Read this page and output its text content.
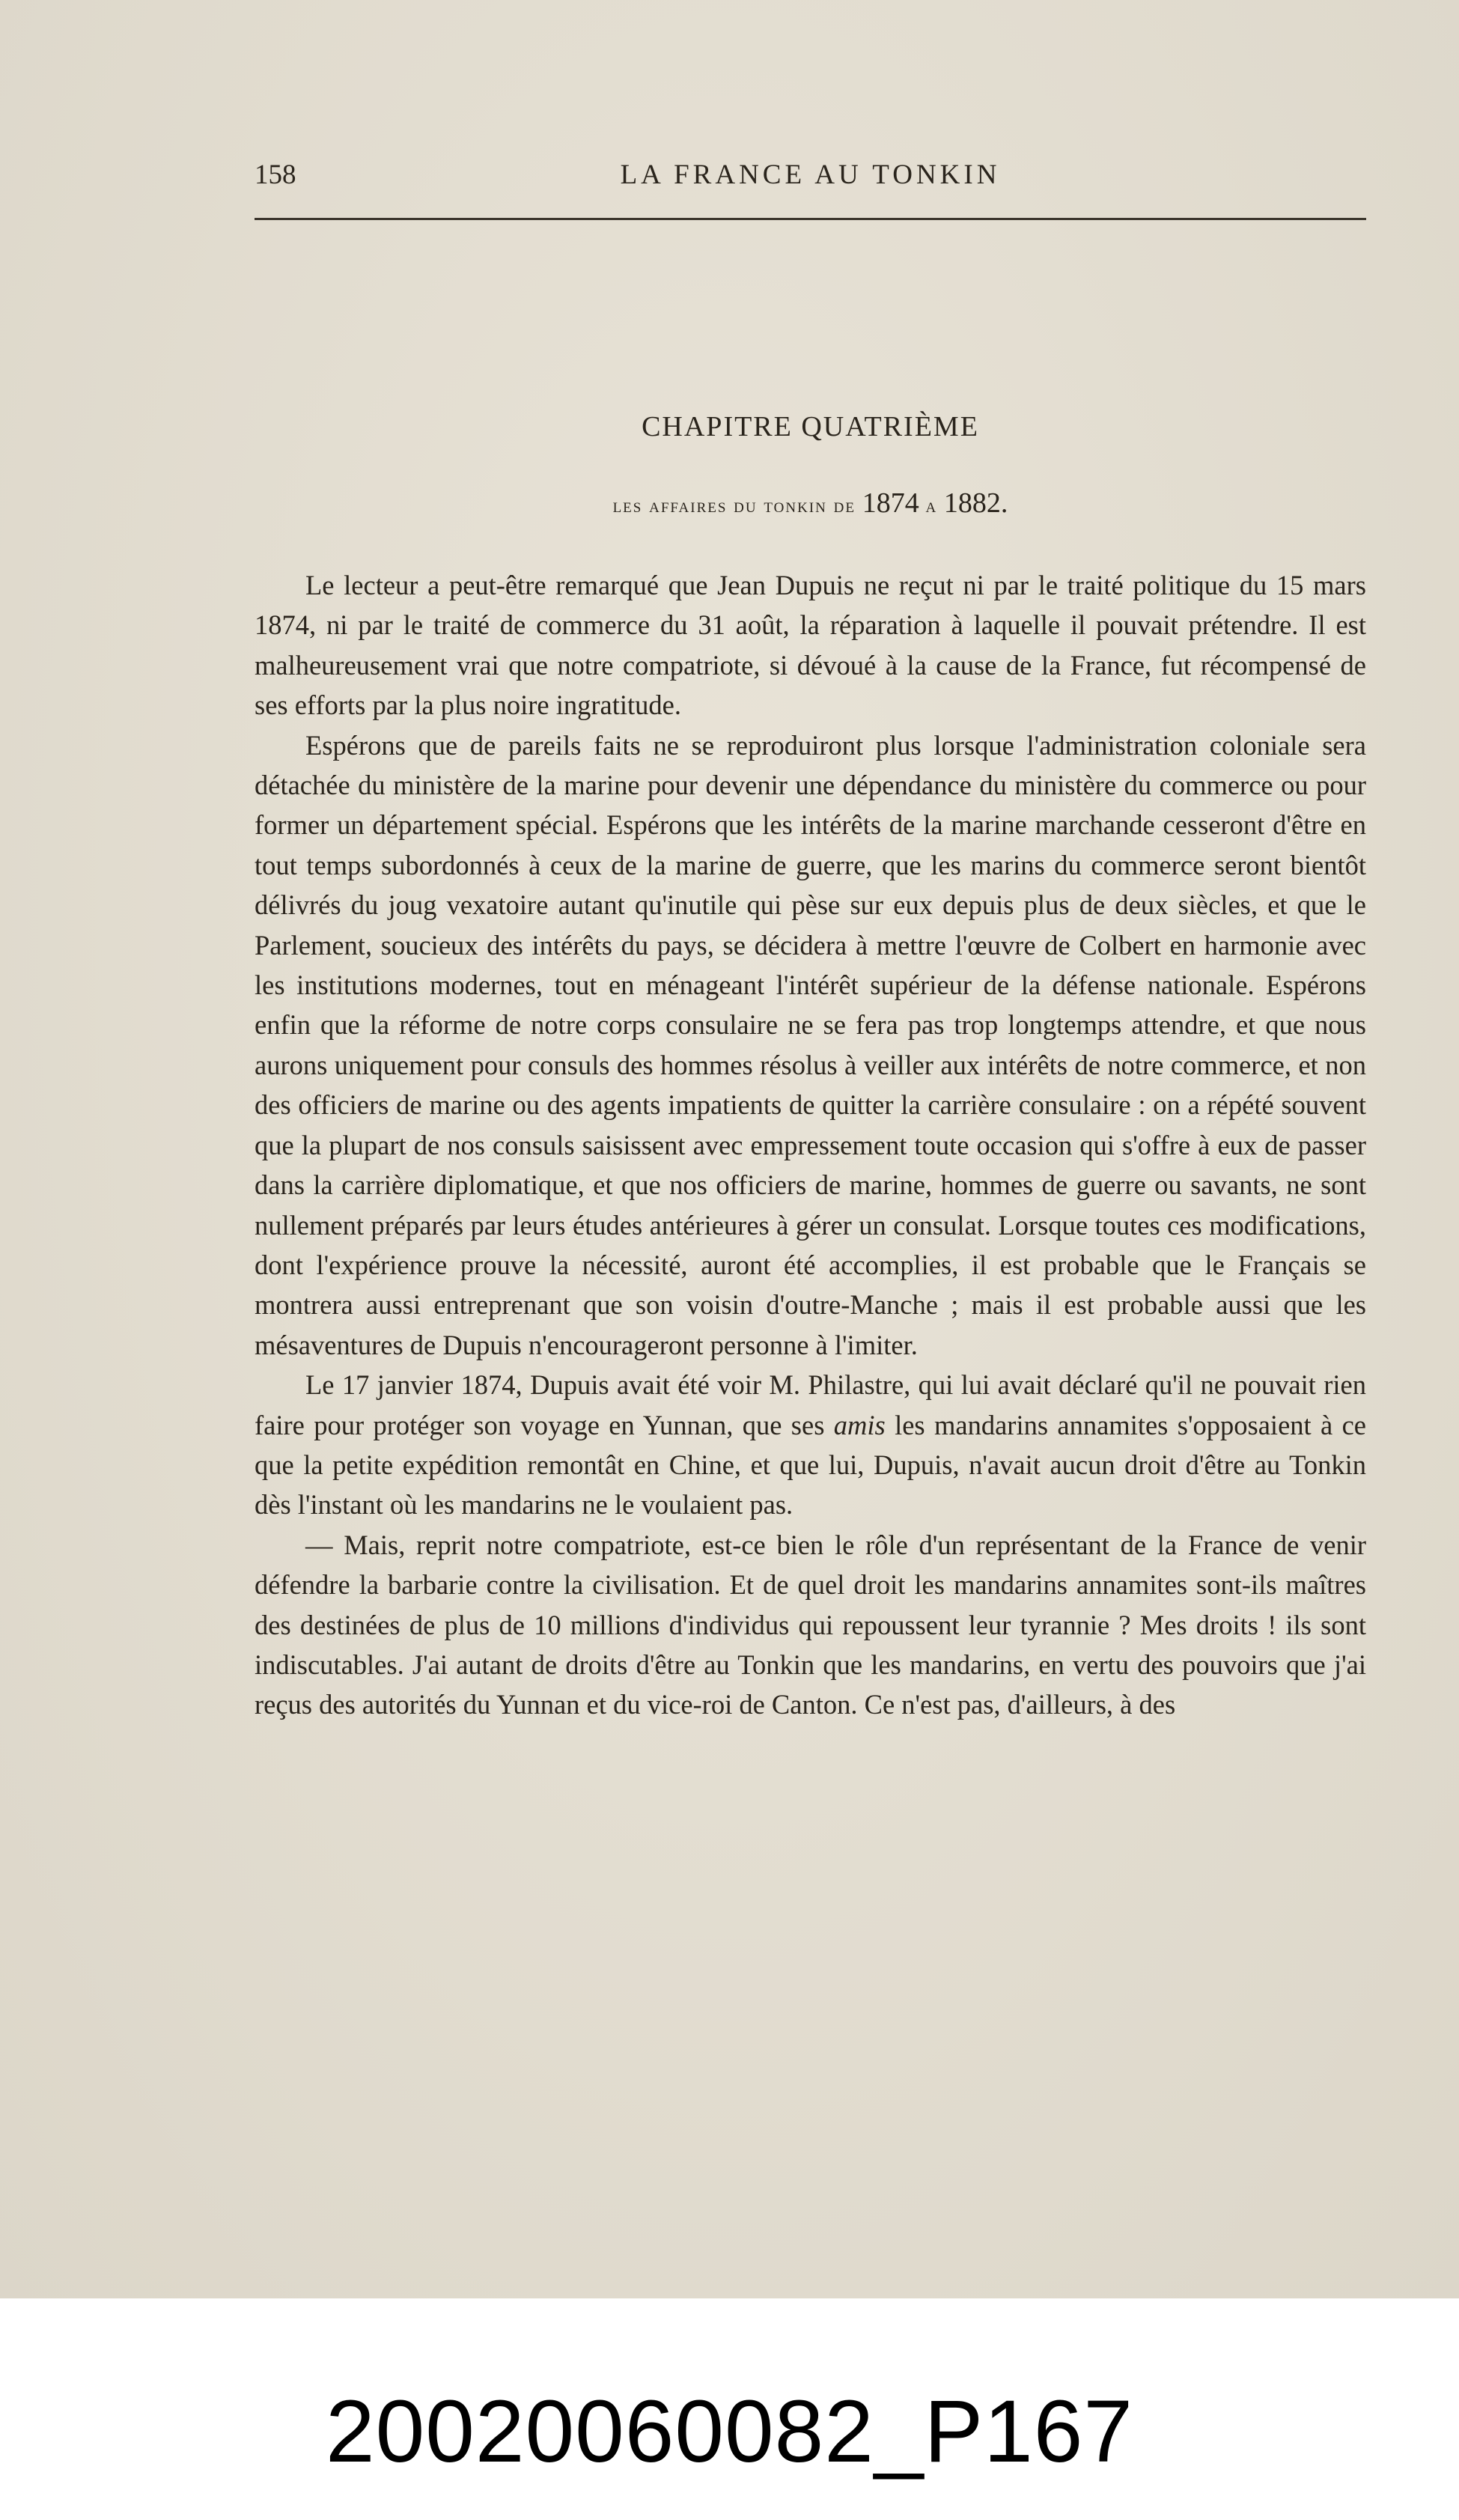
158	LA FRANCE AU TONKIN
CHAPITRE QUATRIÈME
les affaires du tonkin de 1874 a 1882.

Le lecteur a peut-être remarqué que Jean Dupuis ne reçut ni par le traité politique du 15 mars 1874, ni par le traité de commerce du 31 août, la réparation à laquelle il pouvait prétendre. Il est malheureusement vrai que notre compatriote, si dévoué à la cause de la France, fut récompensé de ses efforts par la plus noire ingratitude.

Espérons que de pareils faits ne se reproduiront plus lorsque l'administration coloniale sera détachée du ministère de la marine pour devenir une dépendance du ministère du commerce ou pour former un département spécial. Espérons que les intérêts de la marine marchande cesseront d'être en tout temps subordonnés à ceux de la marine de guerre, que les marins du commerce seront bientôt délivrés du joug vexatoire autant qu'inutile qui pèse sur eux depuis plus de deux siècles, et que le Parlement, soucieux des intérêts du pays, se décidera à mettre l'œuvre de Colbert en harmonie avec les institutions modernes, tout en ménageant l'intérêt supérieur de la défense nationale. Espérons enfin que la réforme de notre corps consulaire ne se fera pas trop longtemps attendre, et que nous aurons uniquement pour consuls des hommes résolus à veiller aux intérêts de notre commerce, et non des officiers de marine ou des agents impatients de quitter la carrière consulaire : on a répété souvent que la plupart de nos consuls saisissent avec empressement toute occasion qui s'offre à eux de passer dans la carrière diplomatique, et que nos officiers de marine, hommes de guerre ou savants, ne sont nullement préparés par leurs études antérieures à gérer un consulat. Lorsque toutes ces modifications, dont l'expérience prouve la nécessité, auront été accomplies, il est probable que le Français se montrera aussi entreprenant que son voisin d'outre-Manche ; mais il est probable aussi que les mésaventures de Dupuis n'encourageront personne à l'imiter.

Le 17 janvier 1874, Dupuis avait été voir M. Philastre, qui lui avait déclaré qu'il ne pouvait rien faire pour protéger son voyage en Yunnan, que ses amis les mandarins annamites s'opposaient à ce que la petite expédition remontât en Chine, et que lui, Dupuis, n'avait aucun droit d'être au Tonkin dès l'instant où les mandarins ne le voulaient pas.

— Mais, reprit notre compatriote, est-ce bien le rôle d'un représentant de la France de venir défendre la barbarie contre la civilisation. Et de quel droit les mandarins annamites sont-ils maîtres des destinées de plus de 10 millions d'individus qui repoussent leur tyrannie ? Mes droits ! ils sont indiscutables. J'ai autant de droits d'être au Tonkin que les mandarins, en vertu des pouvoirs que j'ai reçus des autorités du Yunnan et du vice-roi de Canton. Ce n'est pas, d'ailleurs, à des

20020060082_P167
